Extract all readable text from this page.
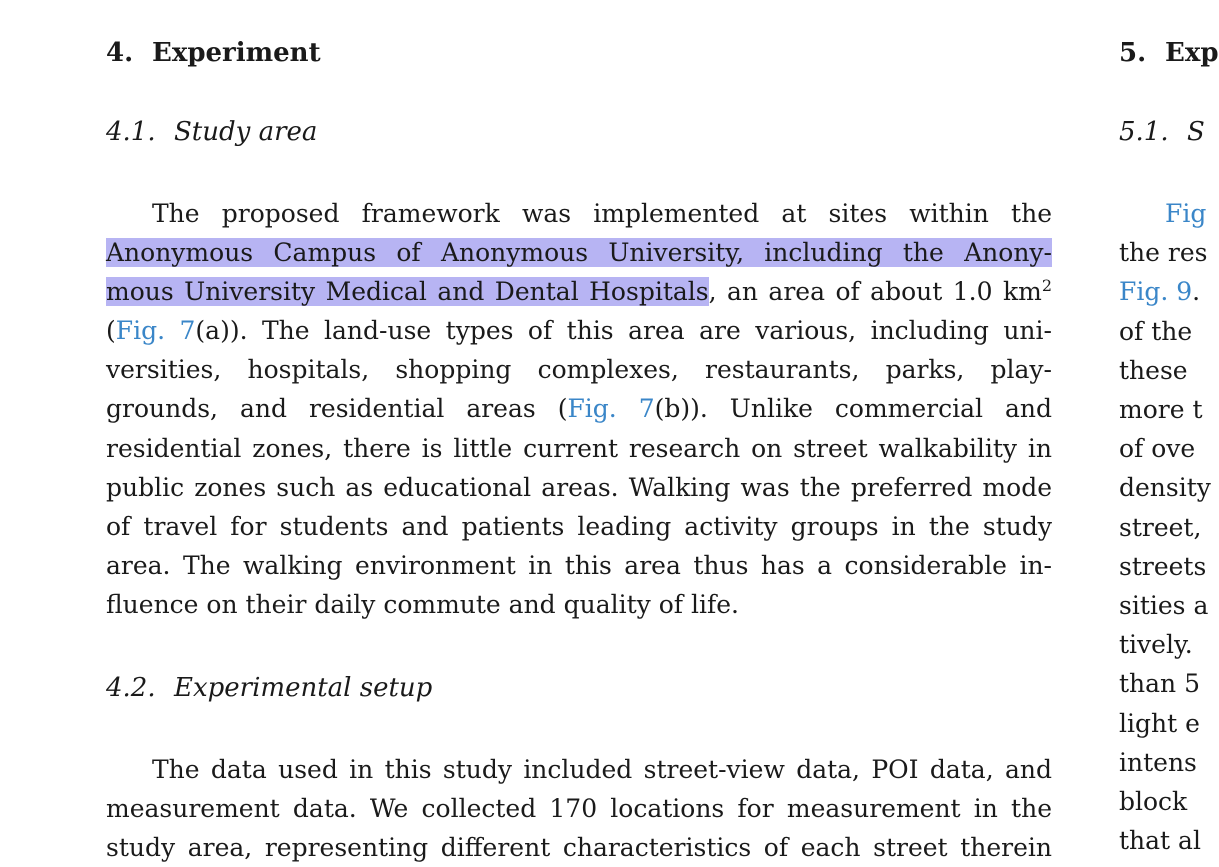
4. Experiment
4.1. Study area
The proposed framework was implemented at sites within the
Anonymous Campus of Anonymous University, including the Anony-
mous University Medical and Dental Hospitals, an area of about 1.0 $km^2$
(Fig. 7(a)). The land-use types of this area are various, including uni-
versities, hospitals, shopping complexes, restaurants, parks, play-
grounds, and residential areas (Fig. 7(b)). Unlike commercial and
residential zones, there is little current research on street walkability in
public zones such as educational areas. Walking was the preferred mode
of travel for students and patients leading activity groups in the study
area. The walking environment in this area thus has a considerable in-
fluence on their daily commute and quality of life.
4.2. Experimental setup
The data used in this study included street-view data, POI data, and
measurement data. We collected 170 locations for measurement in the
study area, representing different characteristics of each street therein
5. Exp
5.1. S
Fig
the res
Fig. 9.
of the
these
more t
of ove
density
street,
streets
sities a
tively.
than 5
light e
intens
block
that al
